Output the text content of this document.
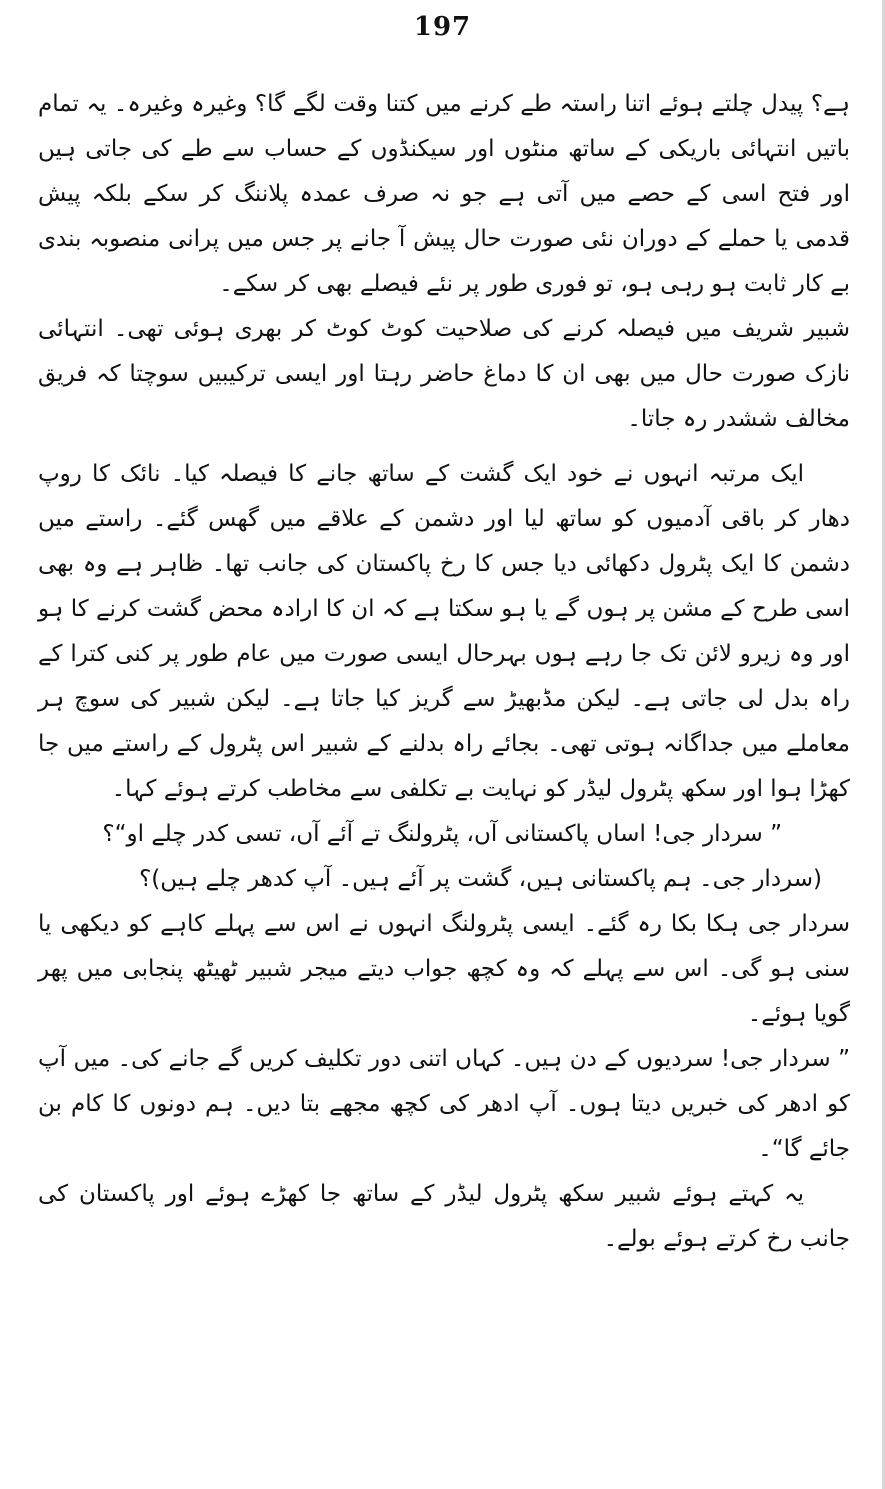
197

ہے؟ پیدل چلتے ہوئے اتنا راستہ طے کرنے میں کتنا وقت لگے گا؟ وغیرہ وغیرہ۔ یہ تمام باتیں انتہائی باریکی کے ساتھ منٹوں اور سیکنڈوں کے حساب سے طے کی جاتی ہیں اور فتح اسی کے حصے میں آتی ہے جو نہ صرف عمدہ پلاننگ کر سکے بلکہ پیش قدمی یا حملے کے دوران نئی صورت حال پیش آ جانے پر جس میں پرانی منصوبہ بندی بے کار ثابت ہو رہی ہو، تو فوری طور پر نئے فیصلے بھی کر سکے۔

شبیر شریف میں فیصلہ کرنے کی صلاحیت کوٹ کوٹ کر بھری ہوئی تھی۔ انتہائی نازک صورت حال میں بھی ان کا دماغ حاضر رہتا اور ایسی ترکیبیں سوچتا کہ فریق مخالف ششدر رہ جاتا۔

ایک مرتبہ انہوں نے خود ایک گشت کے ساتھ جانے کا فیصلہ کیا۔ نائک کا روپ دھار کر باقی آدمیوں کو ساتھ لیا اور دشمن کے علاقے میں گھس گئے۔ راستے میں دشمن کا ایک پٹرول دکھائی دیا جس کا رخ پاکستان کی جانب تھا۔ ظاہر ہے وہ بھی اسی طرح کے مشن پر ہوں گے یا ہو سکتا ہے کہ ان کا ارادہ محض گشت کرنے کا ہو اور وہ زیرو لائن تک جا رہے ہوں بہرحال ایسی صورت میں عام طور پر کنی کترا کے راہ بدل لی جاتی ہے۔ لیکن مڈبھیڑ سے گریز کیا جاتا ہے۔ لیکن شبیر کی سوچ ہر معاملے میں جداگانہ ہوتی تھی۔ بجائے راہ بدلنے کے شبیر اس پٹرول کے راستے میں جا کھڑا ہوا اور سکھ پٹرول لیڈر کو نہایت بے تکلفی سے مخاطب کرتے ہوئے کہا۔

” سردار جی! اساں پاکستانی آں، پٹرولنگ تے آئے آں، تسی کدر چلے او“؟

(سردار جی۔ ہم پاکستانی ہیں، گشت پر آئے ہیں۔ آپ کدھر چلے ہیں)؟

سردار جی ہکا بکا رہ گئے۔ ایسی پٹرولنگ انہوں نے اس سے پہلے کاہے کو دیکھی یا سنی ہو گی۔ اس سے پہلے کہ وہ کچھ جواب دیتے میجر شبیر ٹھیٹھ پنجابی میں پھر گویا ہوئے۔

” سردار جی! سردیوں کے دن ہیں۔ کہاں اتنی دور تکلیف کریں گے جانے کی۔ میں آپ کو ادھر کی خبریں دیتا ہوں۔ آپ ادھر کی کچھ مجھے بتا دیں۔ ہم دونوں کا کام بن جائے گا“۔

یہ کہتے ہوئے شبیر سکھ پٹرول لیڈر کے ساتھ جا کھڑے ہوئے اور پاکستان کی جانب رخ کرتے ہوئے بولے۔
